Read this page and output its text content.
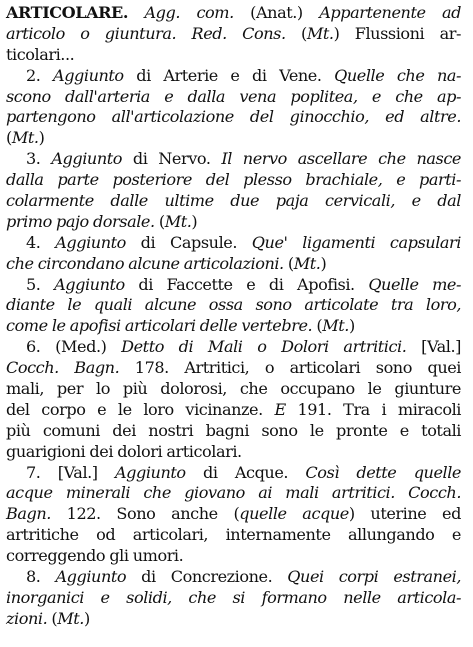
ARTICOLARE. Agg. com. (Anat.) Appartenente ad
articolo o giuntura. Red. Cons. (Mt.) Flussioni ar-
ticolari...
2. Aggiunto di Arterie e di Vene. Quelle che na-
scono dall'arteria e dalla vena poplitea, e che ap-
partengono all'articolazione del ginocchio, ed altre.
(Mt.)
3. Aggiunto di Nervo. Il nervo ascellare che nasce
dalla parte posteriore del plesso brachiale, e parti-
colarmente dalle ultime due paja cervicali, e dal
primo pajo dorsale. (Mt.)
4. Aggiunto di Capsule. Que' ligamenti capsulari
che circondano alcune articolazioni. (Mt.)
5. Aggiunto di Faccette e di Apofisi. Quelle me-
diante le quali alcune ossa sono articolate tra loro,
come le apofisi articolari delle vertebre. (Mt.)
6. (Med.) Detto di Mali o Dolori artritici. [Val.]
Cocch. Bagn. 178. Artritici, o articolari sono quei
mali, per lo più dolorosi, che occupano le giunture
del corpo e le loro vicinanze. E 191. Tra i miracoli
più comuni dei nostri bagni sono le pronte e totali
guarigioni dei dolori articolari.
7. [Val.] Aggiunto di Acque. Così dette quelle
acque minerali che giovano ai mali artritici. Cocch.
Bagn. 122. Sono anche (quelle acque) uterine ed
artritiche od articolari, internamente allungando e
correggendo gli umori.
8. Aggiunto di Concrezione. Quei corpi estranei,
inorganici e solidi, che si formano nelle articola-
zioni. (Mt.)
